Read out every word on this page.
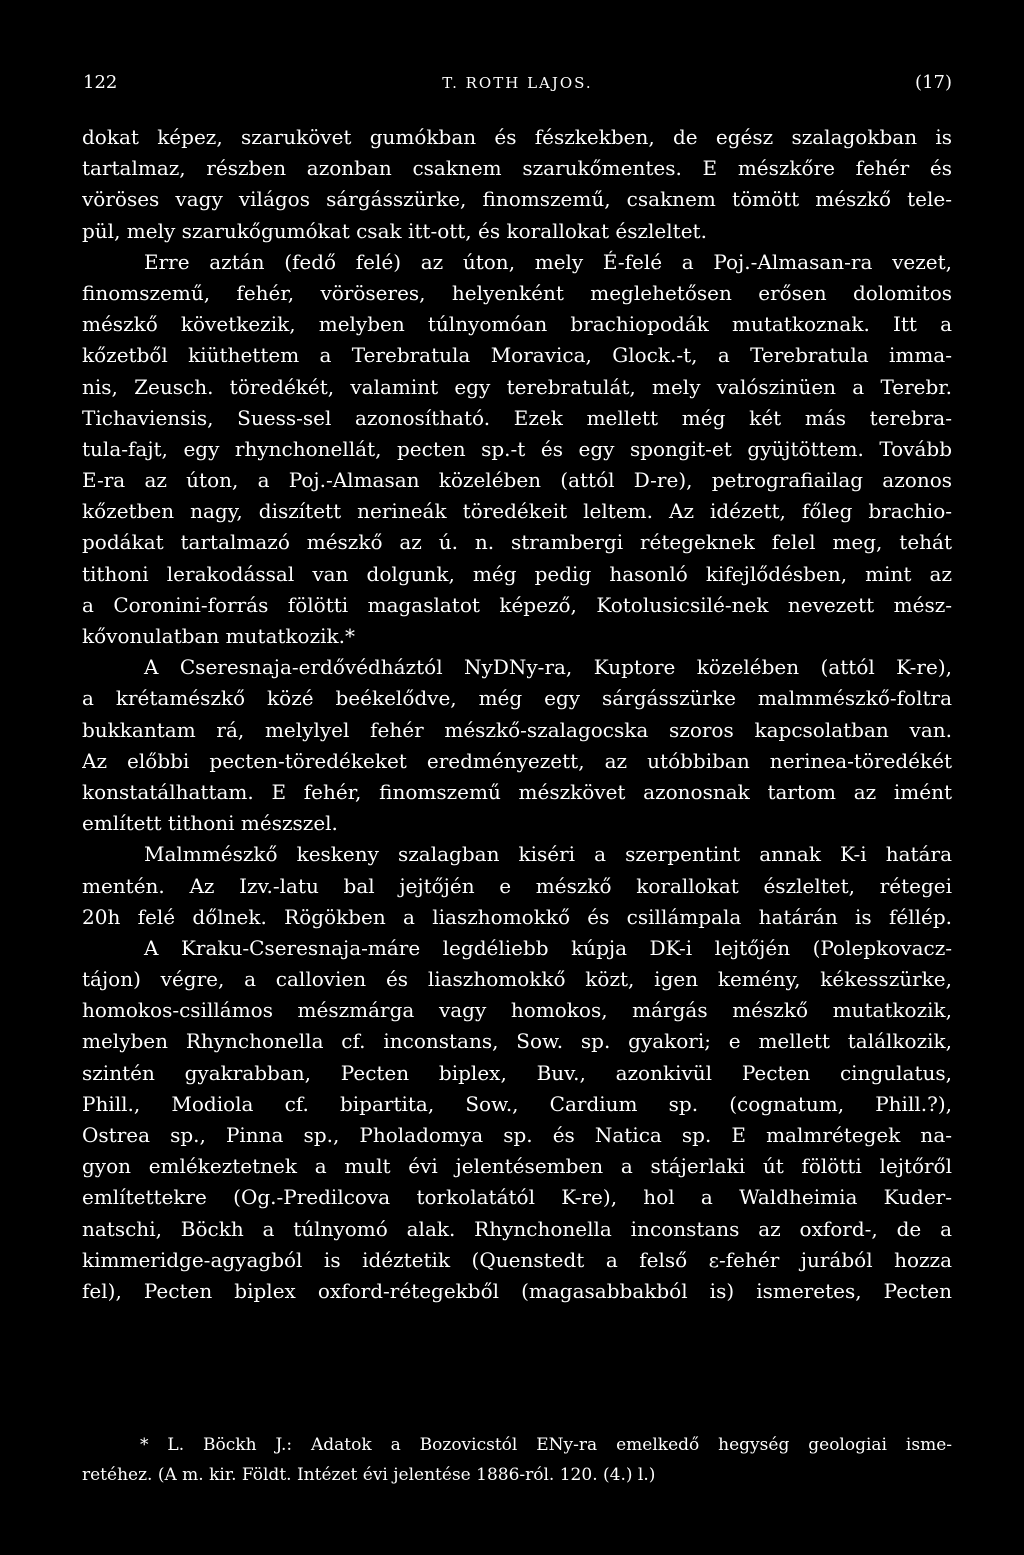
122	T. ROTH LAJOS.	(17)
dokat képez, szarukövet gumókban és fészkekben, de egész szalagokban is
tartalmaz, részben azonban csaknem szarukőmentes. E mészkőre fehér és
vöröses vagy világos sárgásszürke, finomszemű, csaknem tömött mészkő tele-
pül, mely szarukőgumókat csak itt-ott, és korallokat észleltet.
Erre aztán (fedő felé) az úton, mely É-felé a Poj.-Almasan-ra vezet,
finomszemű, fehér, vöröseres, helyenként meglehetősen erősen dolomitos
mészkő következik, melyben túlnyomóan brachiopodák mutatkoznak. Itt a
kőzetből kiüthettem a Terebratula Moravica, Glock.-t, a Terebratula imma-
nis, Zeusch. töredékét, valamint egy terebratulát, mely valószinüen a Terebr.
Tichaviensis, Suess-sel azonosítható. Ezek mellett még két más terebra-
tula-fajt, egy rhynchonellát, pecten sp.-t és egy spongit-et gyüjtöttem. Tovább
E-ra az úton, a Poj.-Almasan közelében (attól D-re), petrografiailag azonos
kőzetben nagy, diszített nerineák töredékeit leltem. Az idézett, főleg brachio-
podákat tartalmazó mészkő az ú. n. strambergi rétegeknek felel meg, tehát
tithoni lerakodással van dolgunk, még pedig hasonló kifejlődésben, mint az
a Coronini-forrás fölötti magaslatot képező, Kotolusicsilé-nek nevezett mész-
kővonulatban mutatkozik.*
A Cseresnaja-erdővédháztól NyDNy-ra, Kuptore közelében (attól K-re),
a krétamészkő közé beékelődve, még egy sárgásszürke malmmészkő-foltra
bukkantam rá, melylyel fehér mészkő-szalagocska szoros kapcsolatban van.
Az előbbi pecten-töredékeket eredményezett, az utóbbiban nerinea-töredékét
konstatálhattam. E fehér, finomszemű mészkövet azonosnak tartom az imént
említett tithoni mészszel.
Malmmészkő keskeny szalagban kiséri a szerpentint annak K-i határa
mentén. Az Izv.-latu bal jejtőjén e mészkő korallokat észleltet, rétegei
20h felé dőlnek. Rögökben a liaszhomokkő és csillámpala határán is féllép.
A Kraku-Cseresnaja-máre legdéliebb kúpja DK-i lejtőjén (Polepkovacz-
tájon) végre, a callovien és liaszhomokkő közt, igen kemény, kékesszürke,
homokos-csillámos mészmárga vagy homokos, márgás mészkő mutatkozik,
melyben Rhynchonella cf. inconstans, Sow. sp. gyakori; e mellett találkozik,
szintén gyakrabban, Pecten biplex, Buv., azonkivül Pecten cingulatus,
Phill., Modiola cf. bipartita, Sow., Cardium sp. (cognatum, Phill.?),
Ostrea sp., Pinna sp., Pholadomya sp. és Natica sp. E malmrétegek na-
gyon emlékeztetnek a mult évi jelentésemben a stájerlaki út fölötti lejtőről
említettekre (Og.-Predilcova torkolatától K-re), hol a Waldheimia Kuder-
natschi, Böckh a túlnyomó alak. Rhynchonella inconstans az oxford-, de a
kimmeridge-agyagból is idéztetik (Quenstedt a felső ε-fehér jurából hozza
fel), Pecten biplex oxford-rétegekből (magasabbakból is) ismeretes, Pecten
* L. Böckh J.: Adatok a Bozovicstól ENy-ra emelkedő hegység geologiai isme-
retéhez. (A m. kir. Földt. Intézet évi jelentése 1886-ról. 120. (4.) l.)
